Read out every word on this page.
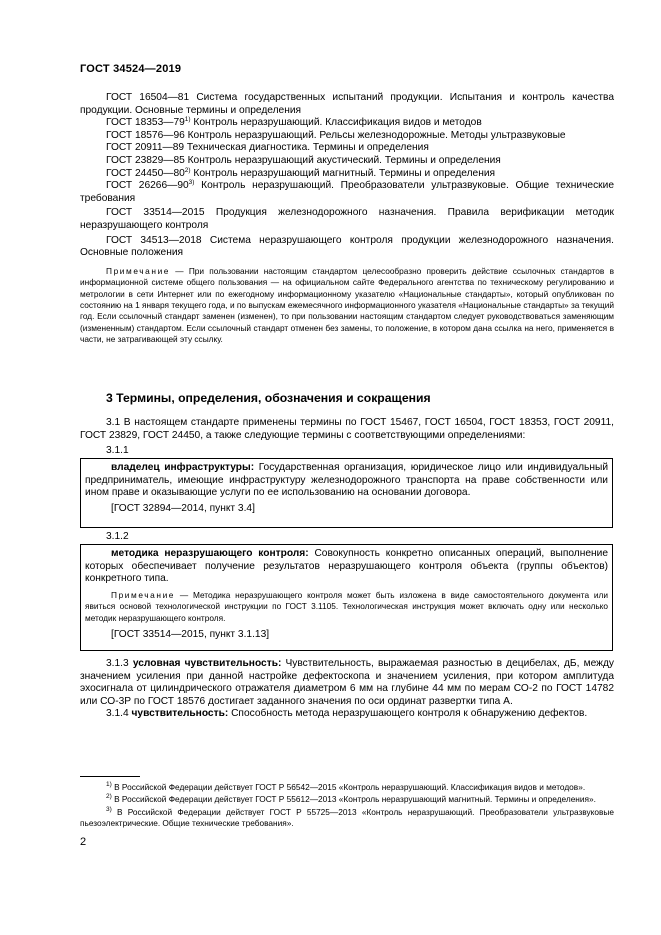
ГОСТ 34524—2019

ГОСТ 16504—81 Система государственных испытаний продукции. Испытания и контроль качества продукции. Основные термины и определения

ГОСТ 18353—79$^{1)}$ Контроль неразрушающий. Классификация видов и методов

ГОСТ 18576—96 Контроль неразрушающий. Рельсы железнодорожные. Методы ультразвуковые

ГОСТ 20911—89 Техническая диагностика. Термины и определения

ГОСТ 23829—85 Контроль неразрушающий акустический. Термины и определения

ГОСТ 24450—80$^{2)}$ Контроль неразрушающий магнитный. Термины и определения

ГОСТ 26266—90$^{3)}$ Контроль неразрушающий. Преобразователи ультразвуковые. Общие технические требования

ГОСТ 33514—2015 Продукция железнодорожного назначения. Правила верификации методик неразрушающего контроля

ГОСТ 34513—2018 Система неразрушающего контроля продукции железнодорожного назначения. Основные положения

Примечание — При пользовании настоящим стандартом целесообразно проверить действие ссылочных стандартов в информационной системе общего пользования — на официальном сайте Федерального агентства по техническому регулированию и метрологии в сети Интернет или по ежегодному информационному указателю «Национальные стандарты», который опубликован по состоянию на 1 января текущего года, и по выпускам ежемесячного информационного указателя «Национальные стандарты» за текущий год. Если ссылочный стандарт заменен (изменен), то при пользовании настоящим стандартом следует руководствоваться заменяющим (измененным) стандартом. Если ссылочный стандарт отменен без замены, то положение, в котором дана ссылка на него, применяется в части, не затрагивающей эту ссылку.

3 Термины, определения, обозначения и сокращения

3.1 В настоящем стандарте применены термины по ГОСТ 15467, ГОСТ 16504, ГОСТ 18353, ГОСТ 20911, ГОСТ 23829, ГОСТ 24450, а также следующие термины с соответствующими определениями:

3.1.1

владелец инфраструктуры: Государственная организация, юридическое лицо или индивидуальный предприниматель, имеющие инфраструктуру железнодорожного транспорта на праве собственности или ином праве и оказывающие услуги по ее использованию на основании договора.

[ГОСТ 32894—2014, пункт 3.4]

3.1.2

методика неразрушающего контроля: Совокупность конкретно описанных операций, выполнение которых обеспечивает получение результатов неразрушающего контроля объекта (группы объектов) конкретного типа.

Примечание — Методика неразрушающего контроля может быть изложена в виде самостоятельного документа или явиться основой технологической инструкции по ГОСТ 3.1105. Технологическая инструкция может включать одну или несколько методик неразрушающего контроля.

[ГОСТ 33514—2015, пункт 3.1.13]

3.1.3 условная чувствительность: Чувствительность, выражаемая разностью в децибелах, дБ, между значением усиления при данной настройке дефектоскопа и значением усиления, при котором амплитуда эхосигнала от цилиндрического отражателя диаметром 6 мм на глубине 44 мм по мерам СО-2 по ГОСТ 14782 или СО-3Р по ГОСТ 18576 достигает заданного значения по оси ординат развертки типа А.

3.1.4 чувствительность: Способность метода неразрушающего контроля к обнаружению дефектов.

$^{1)}$ В Российской Федерации действует ГОСТ Р 56542—2015 «Контроль неразрушающий. Классификация видов и методов».

$^{2)}$ В Российской Федерации действует ГОСТ Р 55612—2013 «Контроль неразрушающий магнитный. Термины и определения».

$^{3)}$ В Российской Федерации действует ГОСТ Р 55725—2013 «Контроль неразрушающий. Преобразователи ультразвуковые пьезоэлектрические. Общие технические требования».

2
